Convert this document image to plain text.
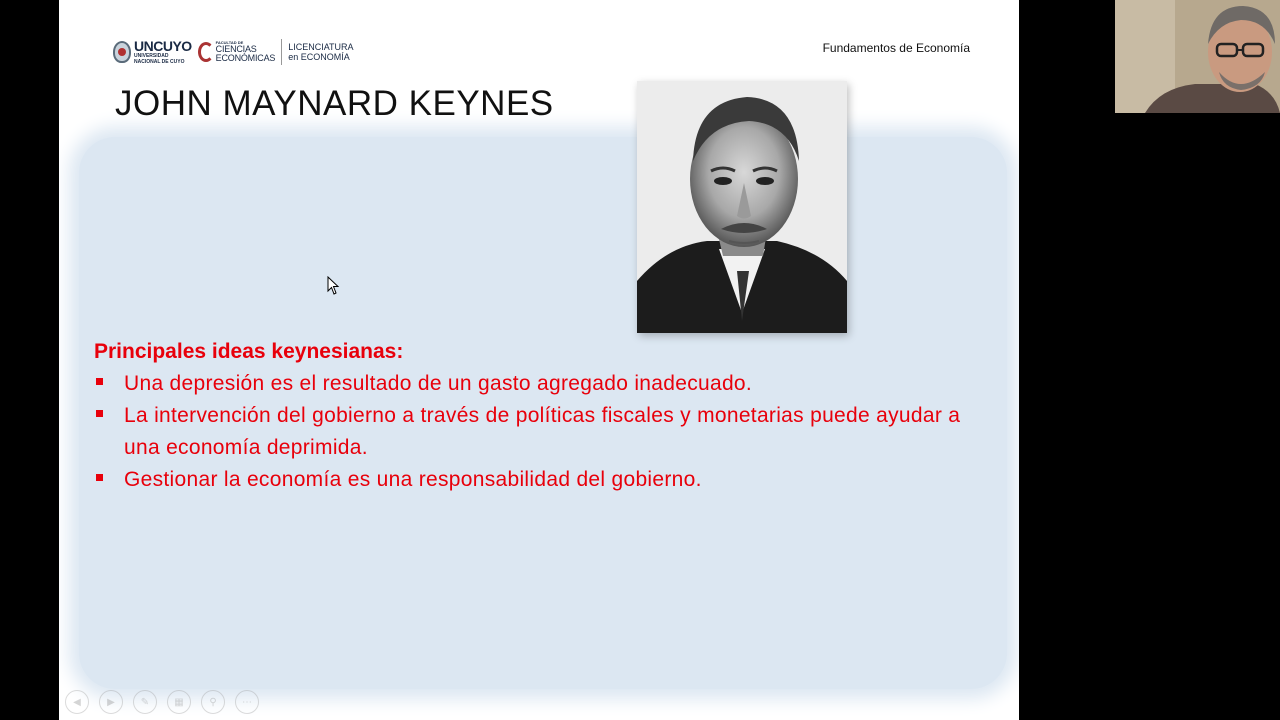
UNCUYO
UNIVERSIDAD
NACIONAL DE CUYO
FACULTAD DE
CIENCIAS
ECONÓMICAS
LICENCIATURA
en ECONOMÍA
Fundamentos de Economía
JOHN MAYNARD KEYNES
Principales ideas keynesianas:
Una depresión es el resultado de un gasto agregado inadecuado.
La intervención del gobierno a través de políticas fiscales y monetarias puede ayudar a una economía deprimida.
Gestionar la economía es una responsabilidad del gobierno.
◀	▶	✎	▦	⚲	⋯
